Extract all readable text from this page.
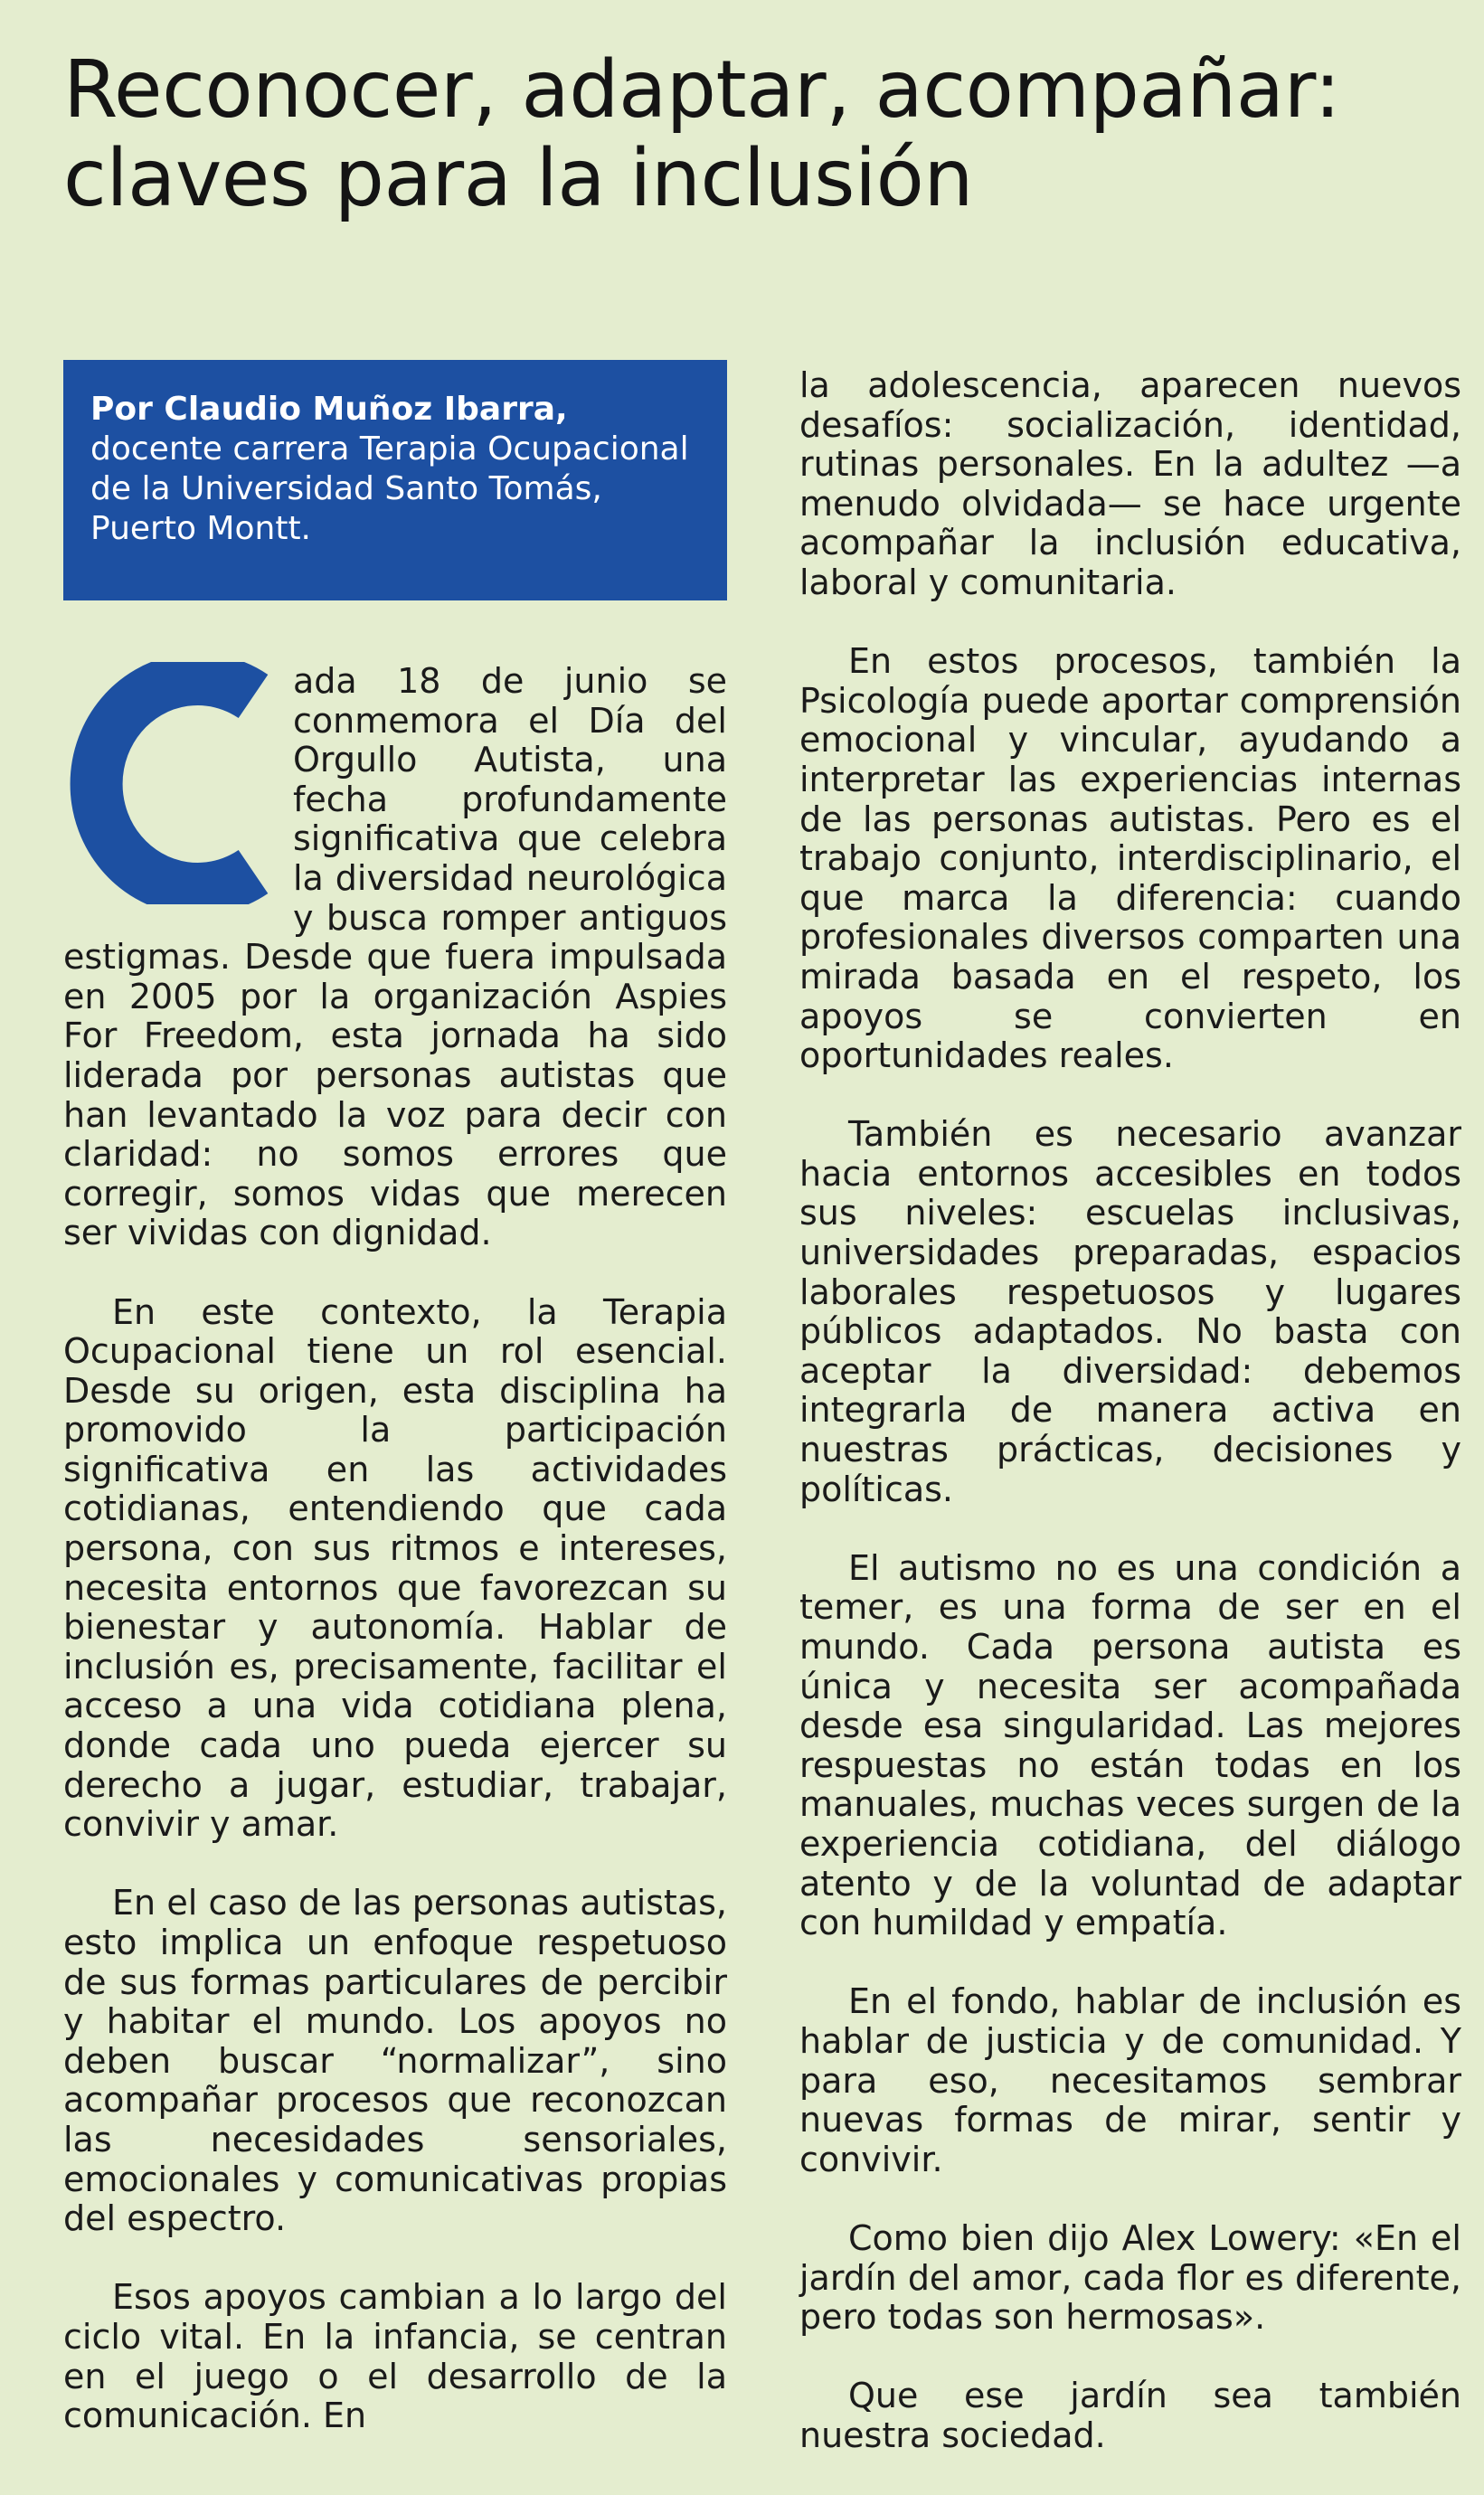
Reconocer, adaptar, acompañar: claves para la inclusión
Por Claudio Muñoz Ibarra,
docente carrera Terapia Ocupacional de la Universidad Santo Tomás, Puerto Montt.

ada 18 de junio se conmemora el Día del Orgullo Autista, una fecha profundamente significativa que celebra la diversidad neurológica y busca romper antiguos estigmas. Desde que fuera impulsada en 2005 por la organización Aspies For Freedom, esta jornada ha sido liderada por personas autistas que han levantado la voz para decir con claridad: no somos errores que corregir, somos vidas que merecen ser vividas con dignidad.

En este contexto, la Terapia Ocupacional tiene un rol esencial. Desde su origen, esta disciplina ha promovido la participación significativa en las actividades cotidianas, entendiendo que cada persona, con sus ritmos e intereses, necesita entornos que favorezcan su bienestar y autonomía. Hablar de inclusión es, precisamente, facilitar el acceso a una vida cotidiana plena, donde cada uno pueda ejercer su derecho a jugar, estudiar, trabajar, convivir y amar.

En el caso de las personas autistas, esto implica un enfoque respetuoso de sus formas particulares de percibir y habitar el mundo. Los apoyos no deben buscar “normalizar”, sino acompañar procesos que reconozcan las necesidades sensoriales, emocionales y comunicativas propias del espectro.

Esos apoyos cambian a lo largo del ciclo vital. En la infancia, se centran en el juego o el desarrollo de la comunicación. En

la adolescencia, aparecen nuevos desafíos: socialización, identidad, rutinas personales. En la adultez —a menudo olvidada— se hace urgente acompañar la inclusión educativa, laboral y comunitaria.

En estos procesos, también la Psicología puede aportar comprensión emocional y vincular, ayudando a interpretar las experiencias internas de las personas autistas. Pero es el trabajo conjunto, interdisciplinario, el que marca la diferencia: cuando profesionales diversos comparten una mirada basada en el respeto, los apoyos se convierten en oportunidades reales.

También es necesario avanzar hacia entornos accesibles en todos sus niveles: escuelas inclusivas, universidades preparadas, espacios laborales respetuosos y lugares públicos adaptados. No basta con aceptar la diversidad: debemos integrarla de manera activa en nuestras prácticas, decisiones y políticas.

El autismo no es una condición a temer, es una forma de ser en el mundo. Cada persona autista es única y necesita ser acompañada desde esa singularidad. Las mejores respuestas no están todas en los manuales, muchas veces surgen de la experiencia cotidiana, del diálogo atento y de la voluntad de adaptar con humildad y empatía.

En el fondo, hablar de inclusión es hablar de justicia y de comunidad. Y para eso, necesitamos sembrar nuevas formas de mirar, sentir y convivir.

Como bien dijo Alex Lowery: «En el jardín del amor, cada flor es diferente, pero todas son hermosas».

Que ese jardín sea también nuestra sociedad.
